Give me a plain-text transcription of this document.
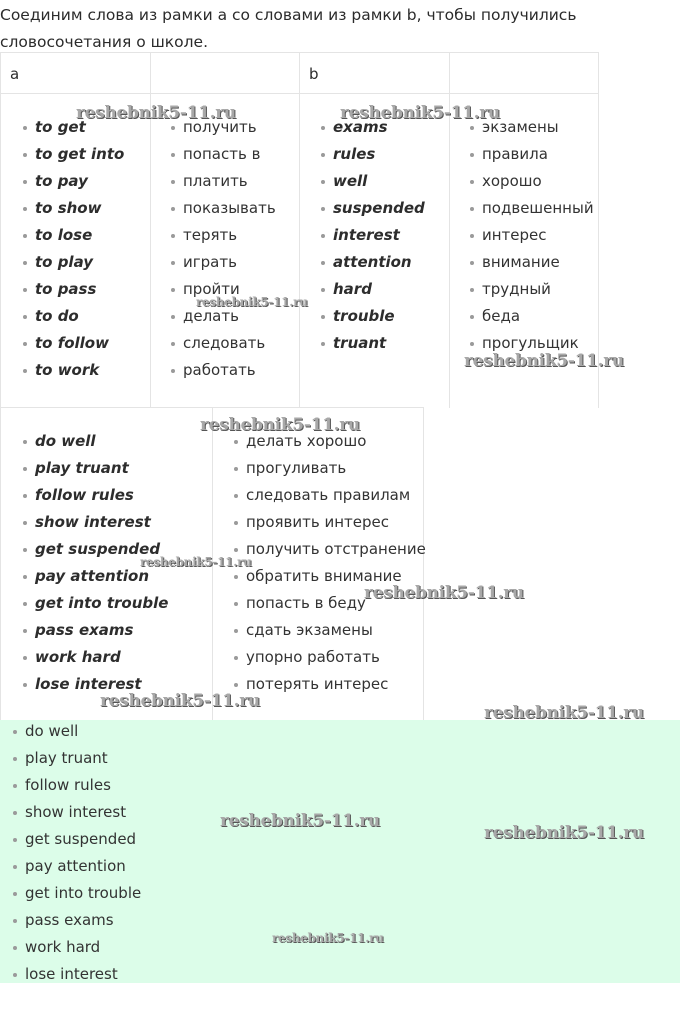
Соединим слова из рамки a со словами из рамки b, чтобы получились словосочетания о школе.
a	b
to get
to get into
to pay
to show
to lose
to play
to pass
to do
to follow
to work
получить
попасть в
платить
показывать
терять
играть
пройти
делать
следовать
работать
exams
rules
well
suspended
interest
attention
hard
trouble
truant
экзамены
правила
хорошо
подвешенный
интерес
внимание
трудный
беда
прогульщик
do well
play truant
follow rules
show interest
get suspended
pay attention
get into trouble
pass exams
work hard
lose interest
делать хорошо
прогуливать
следовать правилам
проявить интерес
получить отстранение
обратить внимание
попасть в беду
сдать экзамены
упорно работать
потерять интерес
do well
play truant
follow rules
show interest
get suspended
pay attention
get into trouble
pass exams
work hard
lose interest
reshebnik5-11.ru	reshebnik5-11.ru
reshebnik5-11.ru
reshebnik5-11.ru
reshebnik5-11.ru
reshebnik5-11.ru
reshebnik5-11.ru
reshebnik5-11.ru
reshebnik5-11.ru
reshebnik5-11.ru
reshebnik5-11.ru
reshebnik5-11.ru
